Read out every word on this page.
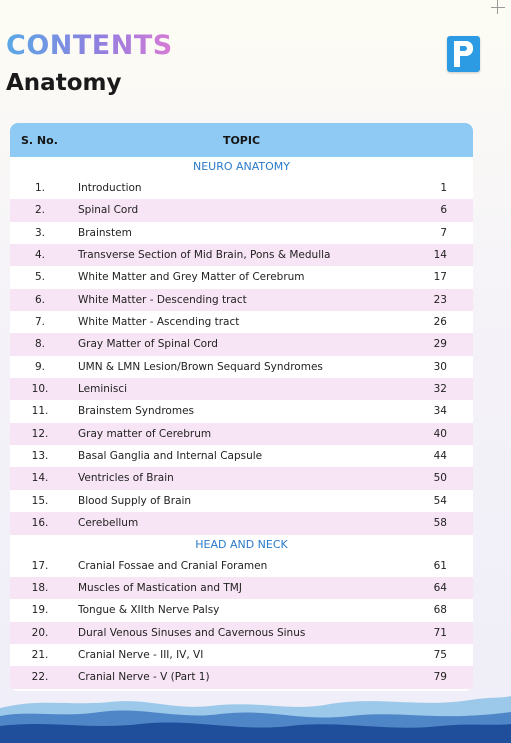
CONTENTS
Anatomy
S. No.	TOPIC
NEURO ANATOMY
1.	Introduction	1
2.	Spinal Cord	6
3.	Brainstem	7
4.	Transverse Section of Mid Brain, Pons & Medulla	14
5.	White Matter and Grey Matter of Cerebrum	17
6.	White Matter - Descending tract	23
7.	White Matter - Ascending tract	26
8.	Gray Matter of Spinal Cord	29
9.	UMN & LMN Lesion/Brown Sequard Syndromes	30
10.	Leminisci	32
11.	Brainstem Syndromes	34
12.	Gray matter of Cerebrum	40
13.	Basal Ganglia and Internal Capsule	44
14.	Ventricles of Brain	50
15.	Blood Supply of Brain	54
16.	Cerebellum	58
HEAD AND NECK
17.	Cranial Fossae and Cranial Foramen	61
18.	Muscles of Mastication and TMJ	64
19.	Tongue & XIIth Nerve Palsy	68
20.	Dural Venous Sinuses and Cavernous Sinus	71
21.	Cranial Nerve - III, IV, VI	75
22.	Cranial Nerve - V (Part 1)	79
